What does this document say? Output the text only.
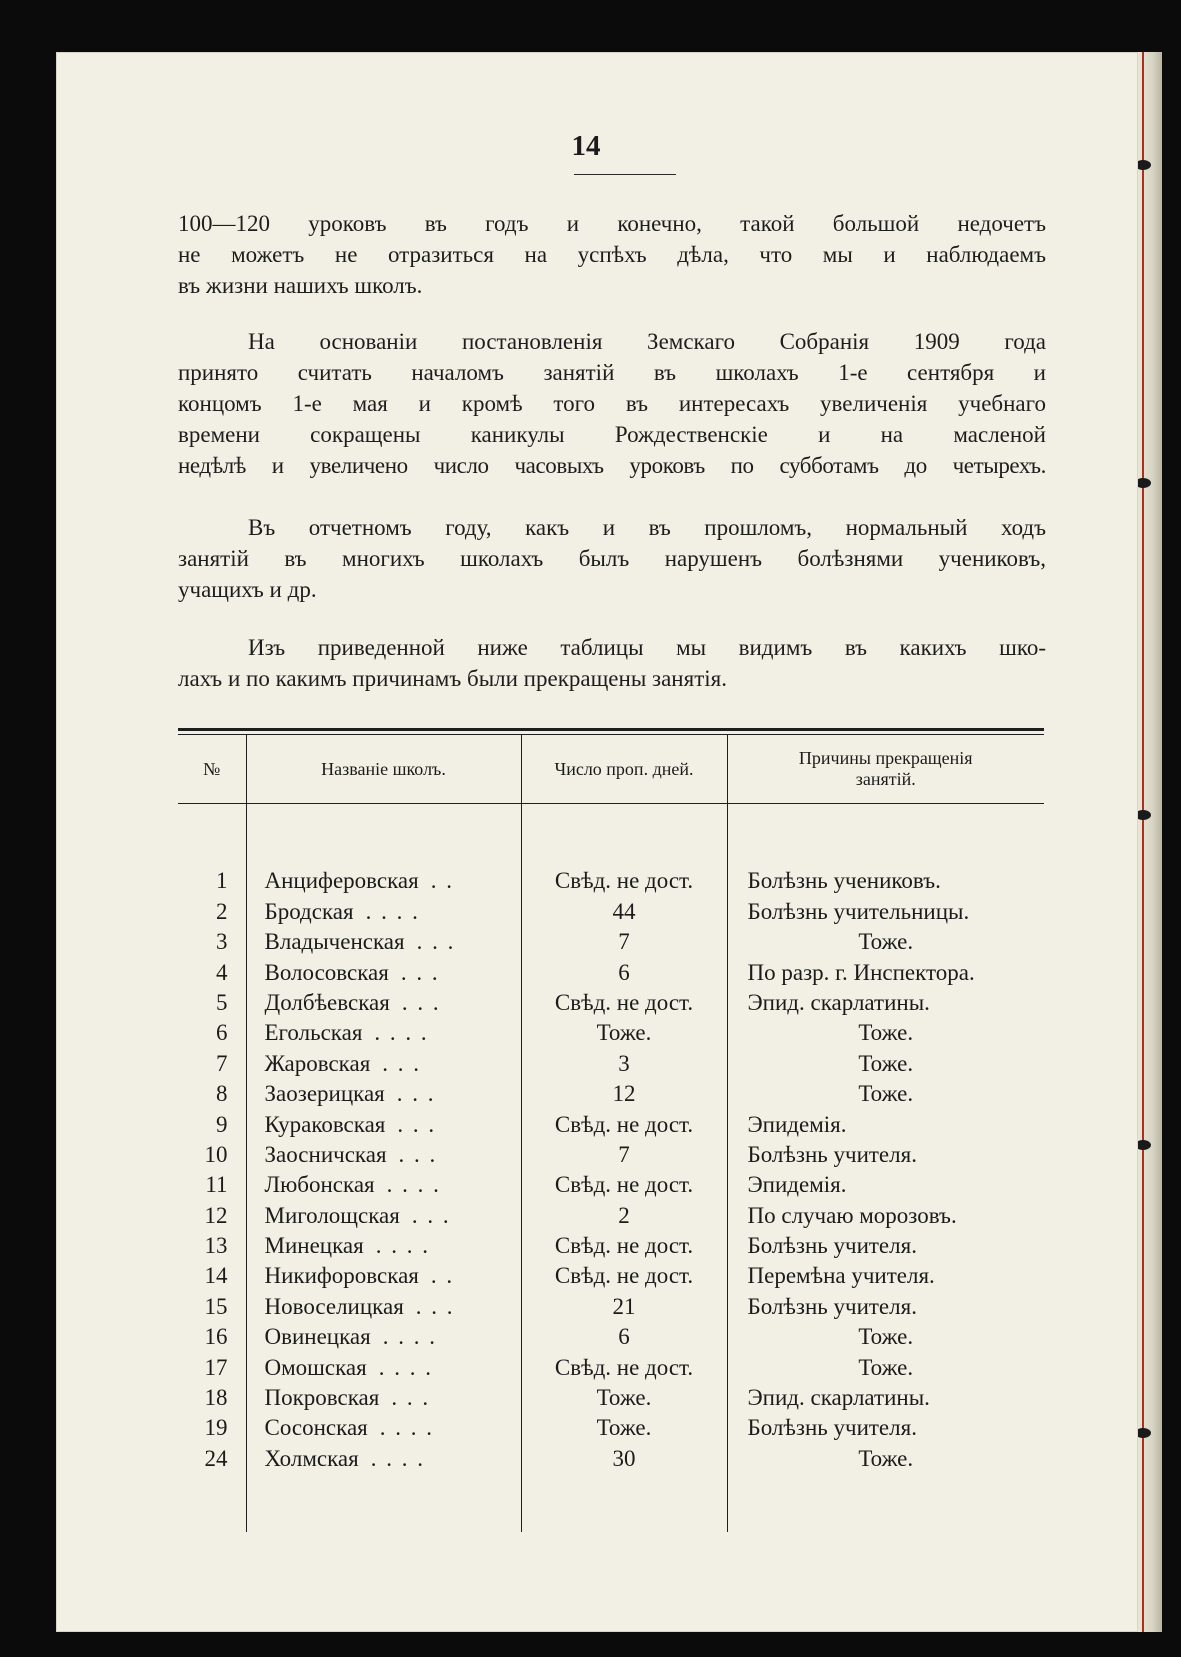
14

100—120 уроковъ въ годъ и конечно, такой большой недочетъ
не можетъ не отразиться на успѣхъ дѣла, что мы и наблюдаемъ
въ жизни нашихъ школъ.

На основаніи постановленія Земскаго Собранія 1909 года
принято считать началомъ занятій въ школахъ 1-е сентября и
концомъ 1-е мая и кромѣ того въ интересахъ увеличенія учебнаго
времени сокращены каникулы Рождественскіе и на масленой
недѣлѣ и увеличено число часовыхъ уроковъ по субботамъ до четырехъ.

Въ отчетномъ году, какъ и въ прошломъ, нормальный ходъ
занятій въ многихъ школахъ былъ нарушенъ болѣзнями учениковъ,
учащихъ и др.

Изъ приведенной ниже таблицы мы видимъ въ какихъ шко-
лахъ и по какимъ причинамъ были прекращены занятія.

№	Названіе школъ.	Число проп. дней.	Причины прекращенія занятій.

1	Анциферовская . .	Свѣд. не дост.	Болѣзнь учениковъ.
2	Бродская . . . .	44	Болѣзнь учительницы.
3	Владыченская . . .	7	Тоже.
4	Волосовская . . .	6	По разр. г. Инспектора.
5	Долбѣевская . . .	Свѣд. не дост.	Эпид. скарлатины.
6	Егольская . . . .	Тоже.	Тоже.
7	Жаровская . . .	3	Тоже.
8	Заозерицкая . . .	12	Тоже.
9	Кураковская . . .	Свѣд. не дост.	Эпидемія.
10	Заосничская . . .	7	Болѣзнь учителя.
11	Любонская . . . .	Свѣд. не дост.	Эпидемія.
12	Миголощская . . .	2	По случаю морозовъ.
13	Минецкая . . . .	Свѣд. не дост.	Болѣзнь учителя.
14	Никифоровская . .	Свѣд. не дост.	Перемѣна учителя.
15	Новоселицкая . . .	21	Болѣзнь учителя.
16	Овинецкая . . . .	6	Тоже.
17	Омошская . . . .	Свѣд. не дост.	Тоже.
18	Покровская . . .	Тоже.	Эпид. скарлатины.
19	Сосонская . . . .	Тоже.	Болѣзнь учителя.
24	Холмская . . . .	30	Тоже.
